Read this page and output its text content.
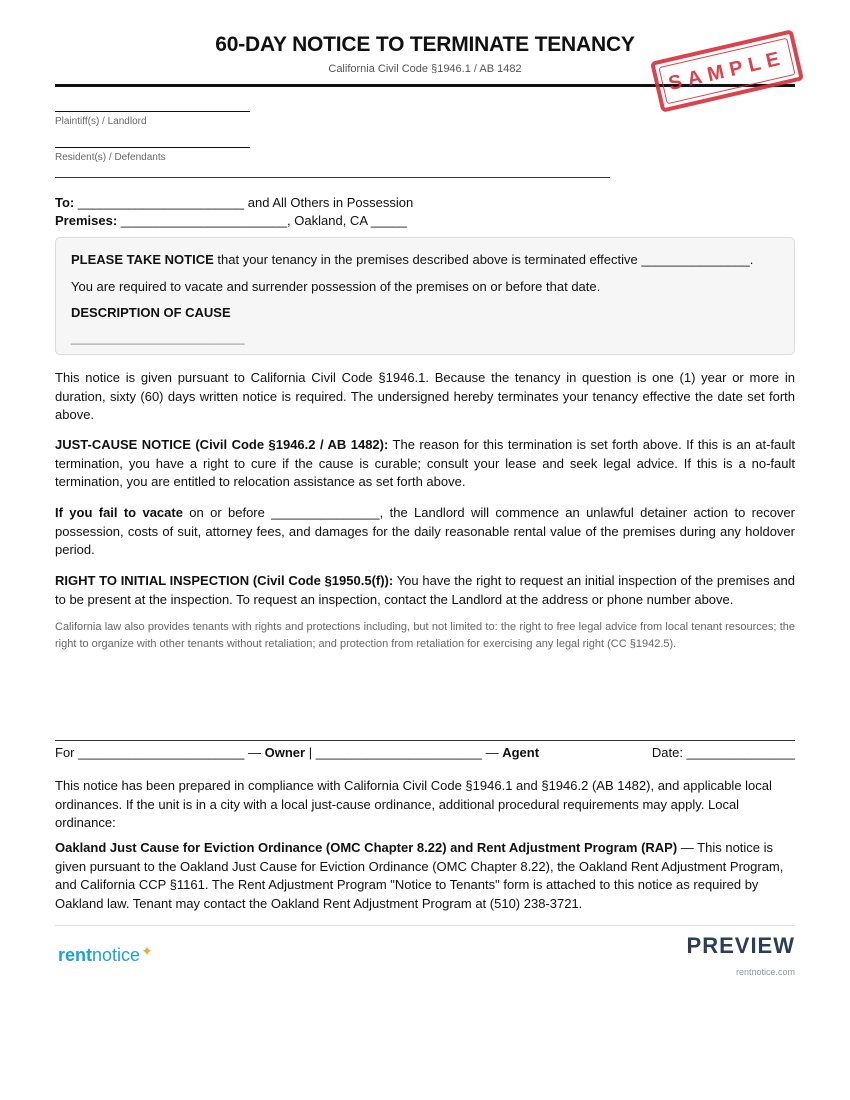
60-DAY NOTICE TO TERMINATE TENANCY
California Civil Code §1946.1 / AB 1482	SAMPLE
Plaintiff(s) / Landlord
Resident(s) / Defendants
To: _______________________ and All Others in Possession
Premises: _______________________, Oakland, CA _____
PLEASE TAKE NOTICE that your tenancy in the premises described above is terminated effective _______________.
You are required to vacate and surrender possession of the premises on or before that date.
DESCRIPTION OF CAUSE
________________________
This notice is given pursuant to California Civil Code §1946.1. Because the tenancy in question is one (1) year or more in duration, sixty (60) days written notice is required. The undersigned hereby terminates your tenancy effective the date set forth above.
JUST-CAUSE NOTICE (Civil Code §1946.2 / AB 1482): The reason for this termination is set forth above. If this is an at-fault termination, you have a right to cure if the cause is curable; consult your lease and seek legal advice. If this is a no-fault termination, you are entitled to relocation assistance as set forth above.
If you fail to vacate on or before _______________, the Landlord will commence an unlawful detainer action to recover possession, costs of suit, attorney fees, and damages for the daily reasonable rental value of the premises during any holdover period.
RIGHT TO INITIAL INSPECTION (Civil Code §1950.5(f)): You have the right to request an initial inspection of the premises and to be present at the inspection. To request an inspection, contact the Landlord at the address or phone number above.
California law also provides tenants with rights and protections including, but not limited to: the right to free legal advice from local tenant resources; the right to organize with other tenants without retaliation; and protection from retaliation for exercising any legal right (CC §1942.5).
For _______________________ — Owner | _______________________ — Agent	Date: _______________
This notice has been prepared in compliance with California Civil Code §1946.1 and §1946.2 (AB 1482), and applicable local ordinances. If the unit is in a city with a local just-cause ordinance, additional procedural requirements may apply. Local ordinance:
Oakland Just Cause for Eviction Ordinance (OMC Chapter 8.22) and Rent Adjustment Program (RAP) — This notice is given pursuant to the Oakland Just Cause for Eviction Ordinance (OMC Chapter 8.22), the Oakland Rent Adjustment Program, and California CCP §1161. The Rent Adjustment Program "Notice to Tenants" form is attached to this notice as required by Oakland law. Tenant may contact the Oakland Rent Adjustment Program at (510) 238-3721.
rentnotice✦	PREVIEW
rentnotice.com
